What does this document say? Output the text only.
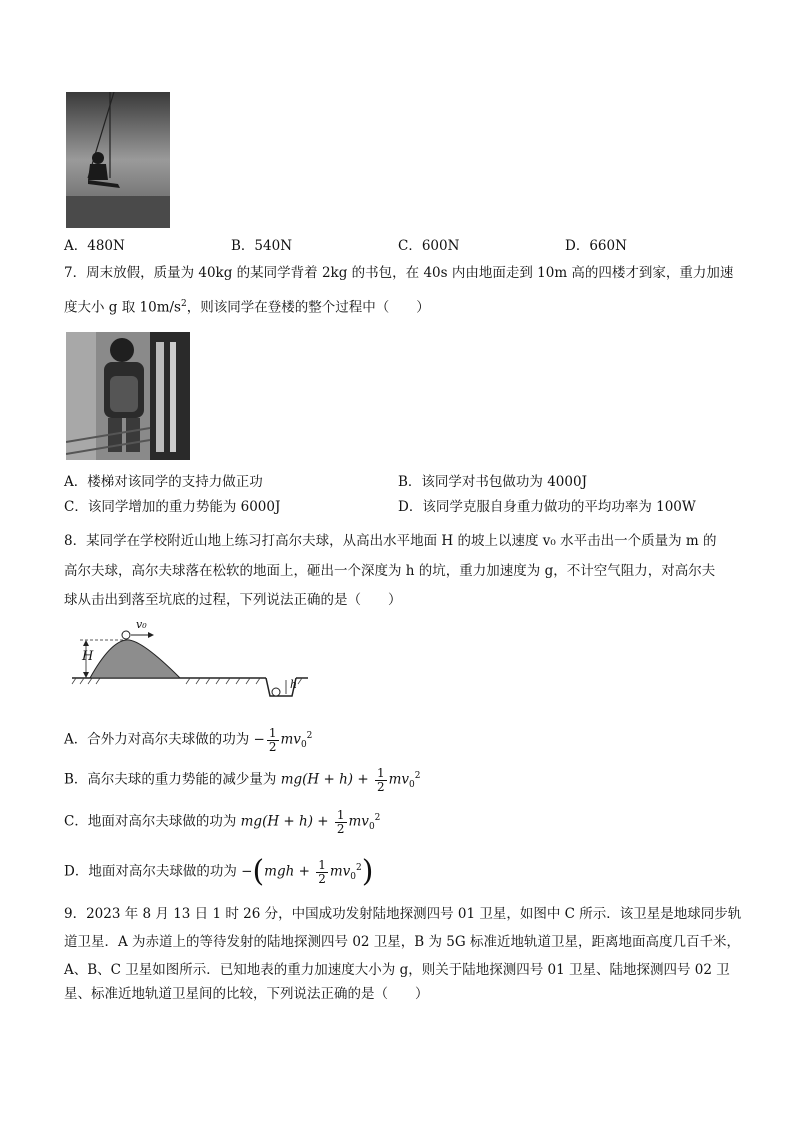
A．480N	B．540N	C．600N	D．660N
7．周末放假，质量为 40kg 的某同学背着 2kg 的书包，在 40s 内由地面走到 10m 高的四楼才到家，重力加速
度大小 g 取 $10m/s^2$，则该同学在登楼的整个过程中（　　）
A．楼梯对该同学的支持力做正功	B．该同学对书包做功为 4000J
C．该同学增加的重力势能为 6000J	D．该同学克服自身重力做功的平均功率为 100W
8．某同学在学校附近山地上练习打高尔夫球，从高出水平地面 H 的坡上以速度 v₀ 水平击出一个质量为 m 的
高尔夫球，高尔夫球落在松软的地面上，砸出一个深度为 h 的坑，重力加速度为 g，不计空气阻力，对高尔夫
球从击出到落至坑底的过程，下列说法正确的是（　　）
H
v₀
h
A．合外力对高尔夫球做的功为 − $\frac{1}{2} mv_0^2$
B．高尔夫球的重力势能的减少量为 $mg(H + h) + \frac{1}{2} mv_0^2$
C．地面对高尔夫球做的功为 $mg(H + h) + \frac{1}{2} mv_0^2$
D．地面对高尔夫球做的功为 $-(mgh + \frac{1}{2} mv_0^2)$
9．2023 年 8 月 13 日 1 时 26 分，中国成功发射陆地探测四号 01 卫星，如图中 C 所示．该卫星是地球同步轨
道卫星．A 为赤道上的等待发射的陆地探测四号 02 卫星，B 为 5G 标准近地轨道卫星，距离地面高度几百千米，
A、B、C 卫星如图所示．已知地表的重力加速度大小为 g，则关于陆地探测四号 01 卫星、陆地探测四号 02 卫
星、标准近地轨道卫星间的比较，下列说法正确的是（　　）
